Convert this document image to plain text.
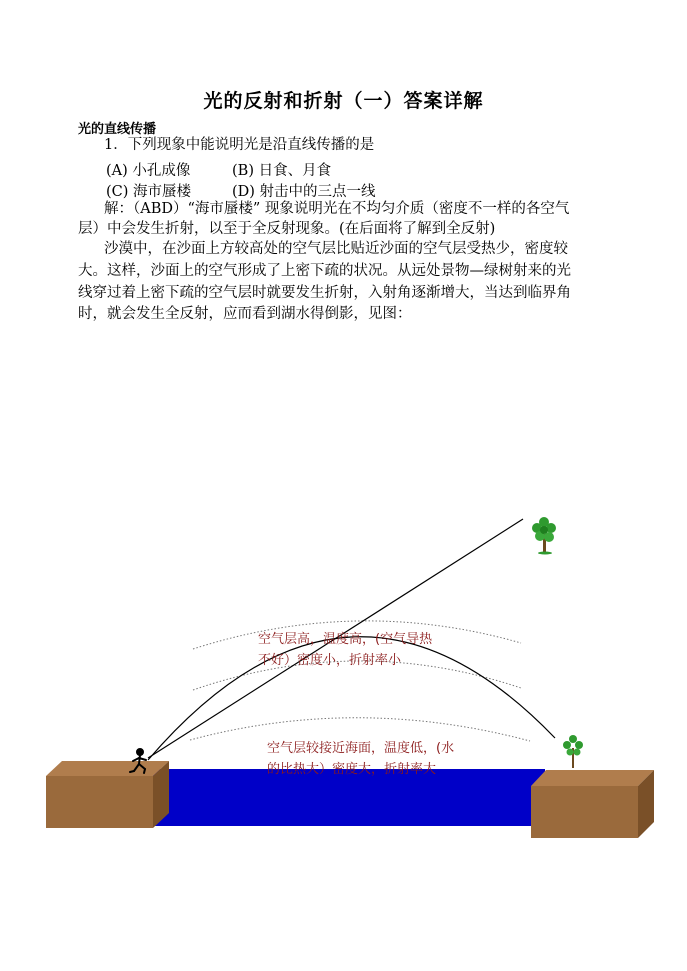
光的反射和折射（一）答案详解
光的直线传播
1．下列现象中能说明光是沿直线传播的是
(A) 小孔成像	(B) 日食、月食
(C) 海市蜃楼	(D) 射击中的三点一线
解：（ABD）“海市蜃楼” 现象说明光在不均匀介质（密度不一样的各空气
层）中会发生折射，以至于全反射现象。(在后面将了解到全反射)
沙漠中，在沙面上方较高处的空气层比贴近沙面的空气层受热少，密度较
大。这样，沙面上的空气形成了上密下疏的状况。从远处景物—绿树射来的光
线穿过着上密下疏的空气层时就要发生折射，入射角逐渐增大，当达到临界角
时，就会发生全反射，应而看到湖水得倒影，见图：
空气层高，温度高，(空气导热
不好）密度小，折射率小
空气层较接近海面，温度低，(水
的比热大）密度大，折射率大
